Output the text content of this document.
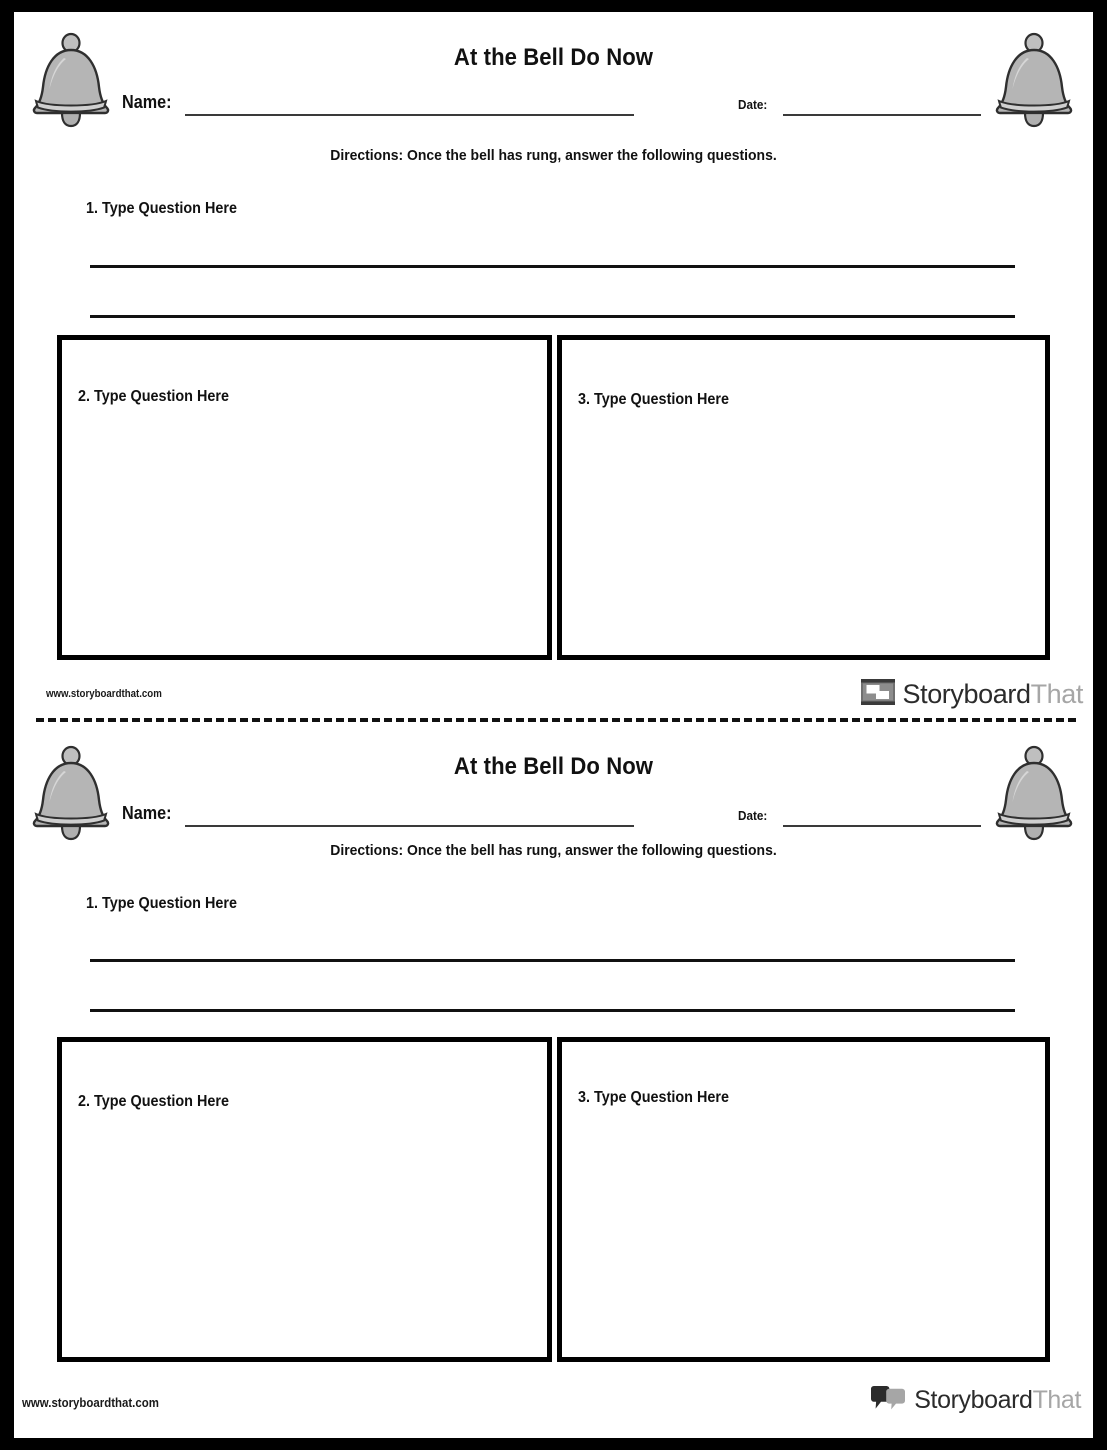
At the Bell Do Now
Name:	Date:
Directions: Once the bell has rung, answer the following questions.
1. Type Question Here
2. Type Question Here	3. Type Question Here
www.storyboardthat.com	StoryboardThat
At the Bell Do Now
Name:	Date:
Directions: Once the bell has rung, answer the following questions.
1. Type Question Here
2. Type Question Here	3. Type Question Here
www.storyboardthat.com	StoryboardThat
